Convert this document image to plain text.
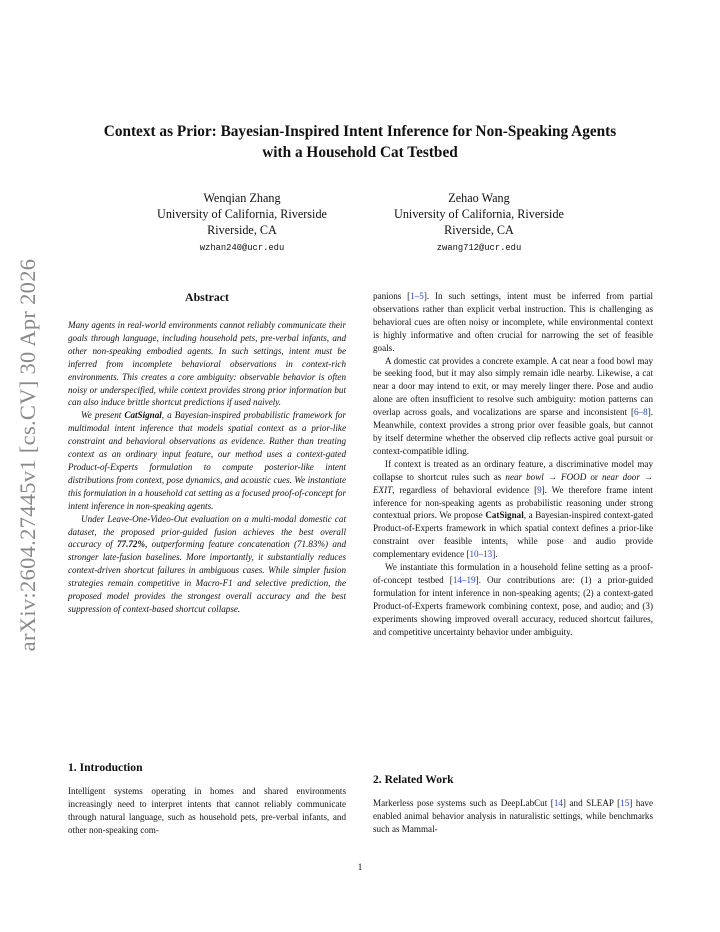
arXiv:2604.27445v1 [cs.CV] 30 Apr 2026
Context as Prior: Bayesian-Inspired Intent Inference for Non-Speaking Agents
with a Household Cat Testbed
Wenqian Zhang
University of California, Riverside
Riverside, CA
wzhan240@ucr.edu
Zehao Wang
University of California, Riverside
Riverside, CA
zwang712@ucr.edu
Abstract

Many agents in real-world environments cannot reliably communicate their goals through language, including household pets, pre-verbal infants, and other non-speaking embodied agents. In such settings, intent must be inferred from incomplete behavioral observations in context-rich environments. This creates a core ambiguity: observable behavior is often noisy or underspecified, while context provides strong prior information but can also induce brittle shortcut predictions if used naively.

We present CatSignal, a Bayesian-inspired probabilistic framework for multimodal intent inference that models spatial context as a prior-like constraint and behavioral observations as evidence. Rather than treating context as an ordinary input feature, our method uses a context-gated Product-of-Experts formulation to compute posterior-like intent distributions from context, pose dynamics, and acoustic cues. We instantiate this formulation in a household cat setting as a focused proof-of-concept for intent inference in non-speaking agents.

Under Leave-One-Video-Out evaluation on a multi-modal domestic cat dataset, the proposed prior-guided fusion achieves the best overall accuracy of 77.72%, outperforming feature concatenation (71.83%) and stronger late-fusion baselines. More importantly, it substantially reduces context-driven shortcut failures in ambiguous cases. While simpler fusion strategies remain competitive in Macro-F1 and selective prediction, the proposed model provides the strongest overall accuracy and the best suppression of context-based shortcut collapse.

1. Introduction

Intelligent systems operating in homes and shared environments increasingly need to interpret intents that cannot reliably communicate through natural language, such as household pets, pre-verbal infants, and other non-speaking com-

panions [1–5]. In such settings, intent must be inferred from partial observations rather than explicit verbal instruction. This is challenging as behavioral cues are often noisy or incomplete, while environmental context is highly informative and often crucial for narrowing the set of feasible goals.

A domestic cat provides a concrete example. A cat near a food bowl may be seeking food, but it may also simply remain idle nearby. Likewise, a cat near a door may intend to exit, or may merely linger there. Pose and audio alone are often insufficient to resolve such ambiguity: motion patterns can overlap across goals, and vocalizations are sparse and inconsistent [6–8]. Meanwhile, context provides a strong prior over feasible goals, but cannot by itself determine whether the observed clip reflects active goal pursuit or context-compatible idling.

If context is treated as an ordinary feature, a discriminative model may collapse to shortcut rules such as near bowl → FOOD or near door → EXIT, regardless of behavioral evidence [9]. We therefore frame intent inference for non-speaking agents as probabilistic reasoning under strong contextual priors. We propose CatSignal, a Bayesian-inspired context-gated Product-of-Experts framework in which spatial context defines a prior-like constraint over feasible intents, while pose and audio provide complementary evidence [10–13].

We instantiate this formulation in a household feline setting as a proof-of-concept testbed [14–19]. Our contributions are: (1) a prior-guided formulation for intent inference in non-speaking agents; (2) a context-gated Product-of-Experts framework combining context, pose, and audio; and (3) experiments showing improved overall accuracy, reduced shortcut failures, and competitive uncertainty behavior under ambiguity.

2. Related Work

Markerless pose systems such as DeepLabCut [14] and SLEAP [15] have enabled animal behavior analysis in naturalistic settings, while benchmarks such as Mammal-

1
